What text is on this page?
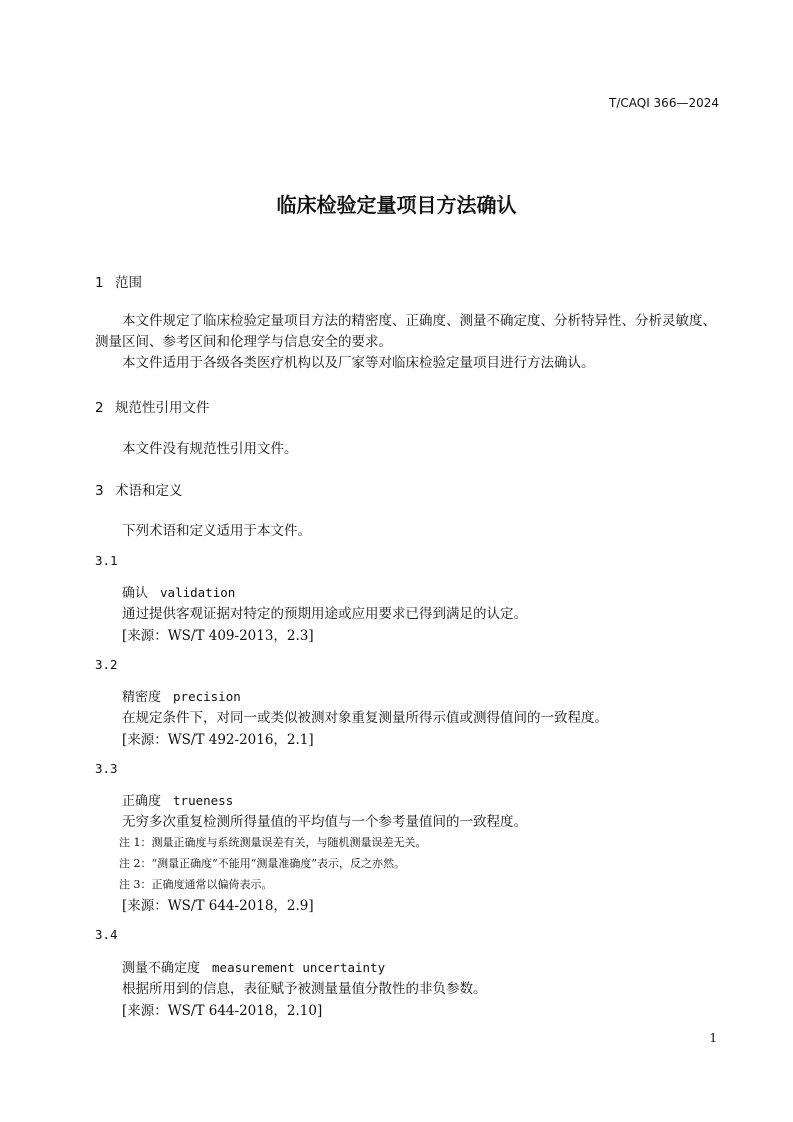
T/CAQI 366—2024
临床检验定量项目方法确认
1 范围

本文件规定了临床检验定量项目方法的精密度、正确度、测量不确定度、分析特异性、分析灵敏度、测量区间、参考区间和伦理学与信息安全的要求。

本文件适用于各级各类医疗机构以及厂家等对临床检验定量项目进行方法确认。

2 规范性引用文件
本文件没有规范性引用文件。
3 术语和定义
下列术语和定义适用于本文件。
3.1
确认 validation
通过提供客观证据对特定的预期用途或应用要求已得到满足的认定。
[来源：WS/T 409-2013，2.3]
3.2
精密度 precision
在规定条件下，对同一或类似被测对象重复测量所得示值或测得值间的一致程度。
[来源：WS/T 492-2016，2.1]
3.3
正确度 trueness
无穷多次重复检测所得量值的平均值与一个参考量值间的一致程度。
注 1：测量正确度与系统测量误差有关，与随机测量误差无关。
注 2：“测量正确度”不能用“测量准确度”表示，反之亦然。
注 3：正确度通常以偏倚表示。
[来源：WS/T 644-2018，2.9]
3.4
测量不确定度 measurement uncertainty
根据所用到的信息，表征赋予被测量量值分散性的非负参数。
[来源：WS/T 644-2018，2.10]
1
